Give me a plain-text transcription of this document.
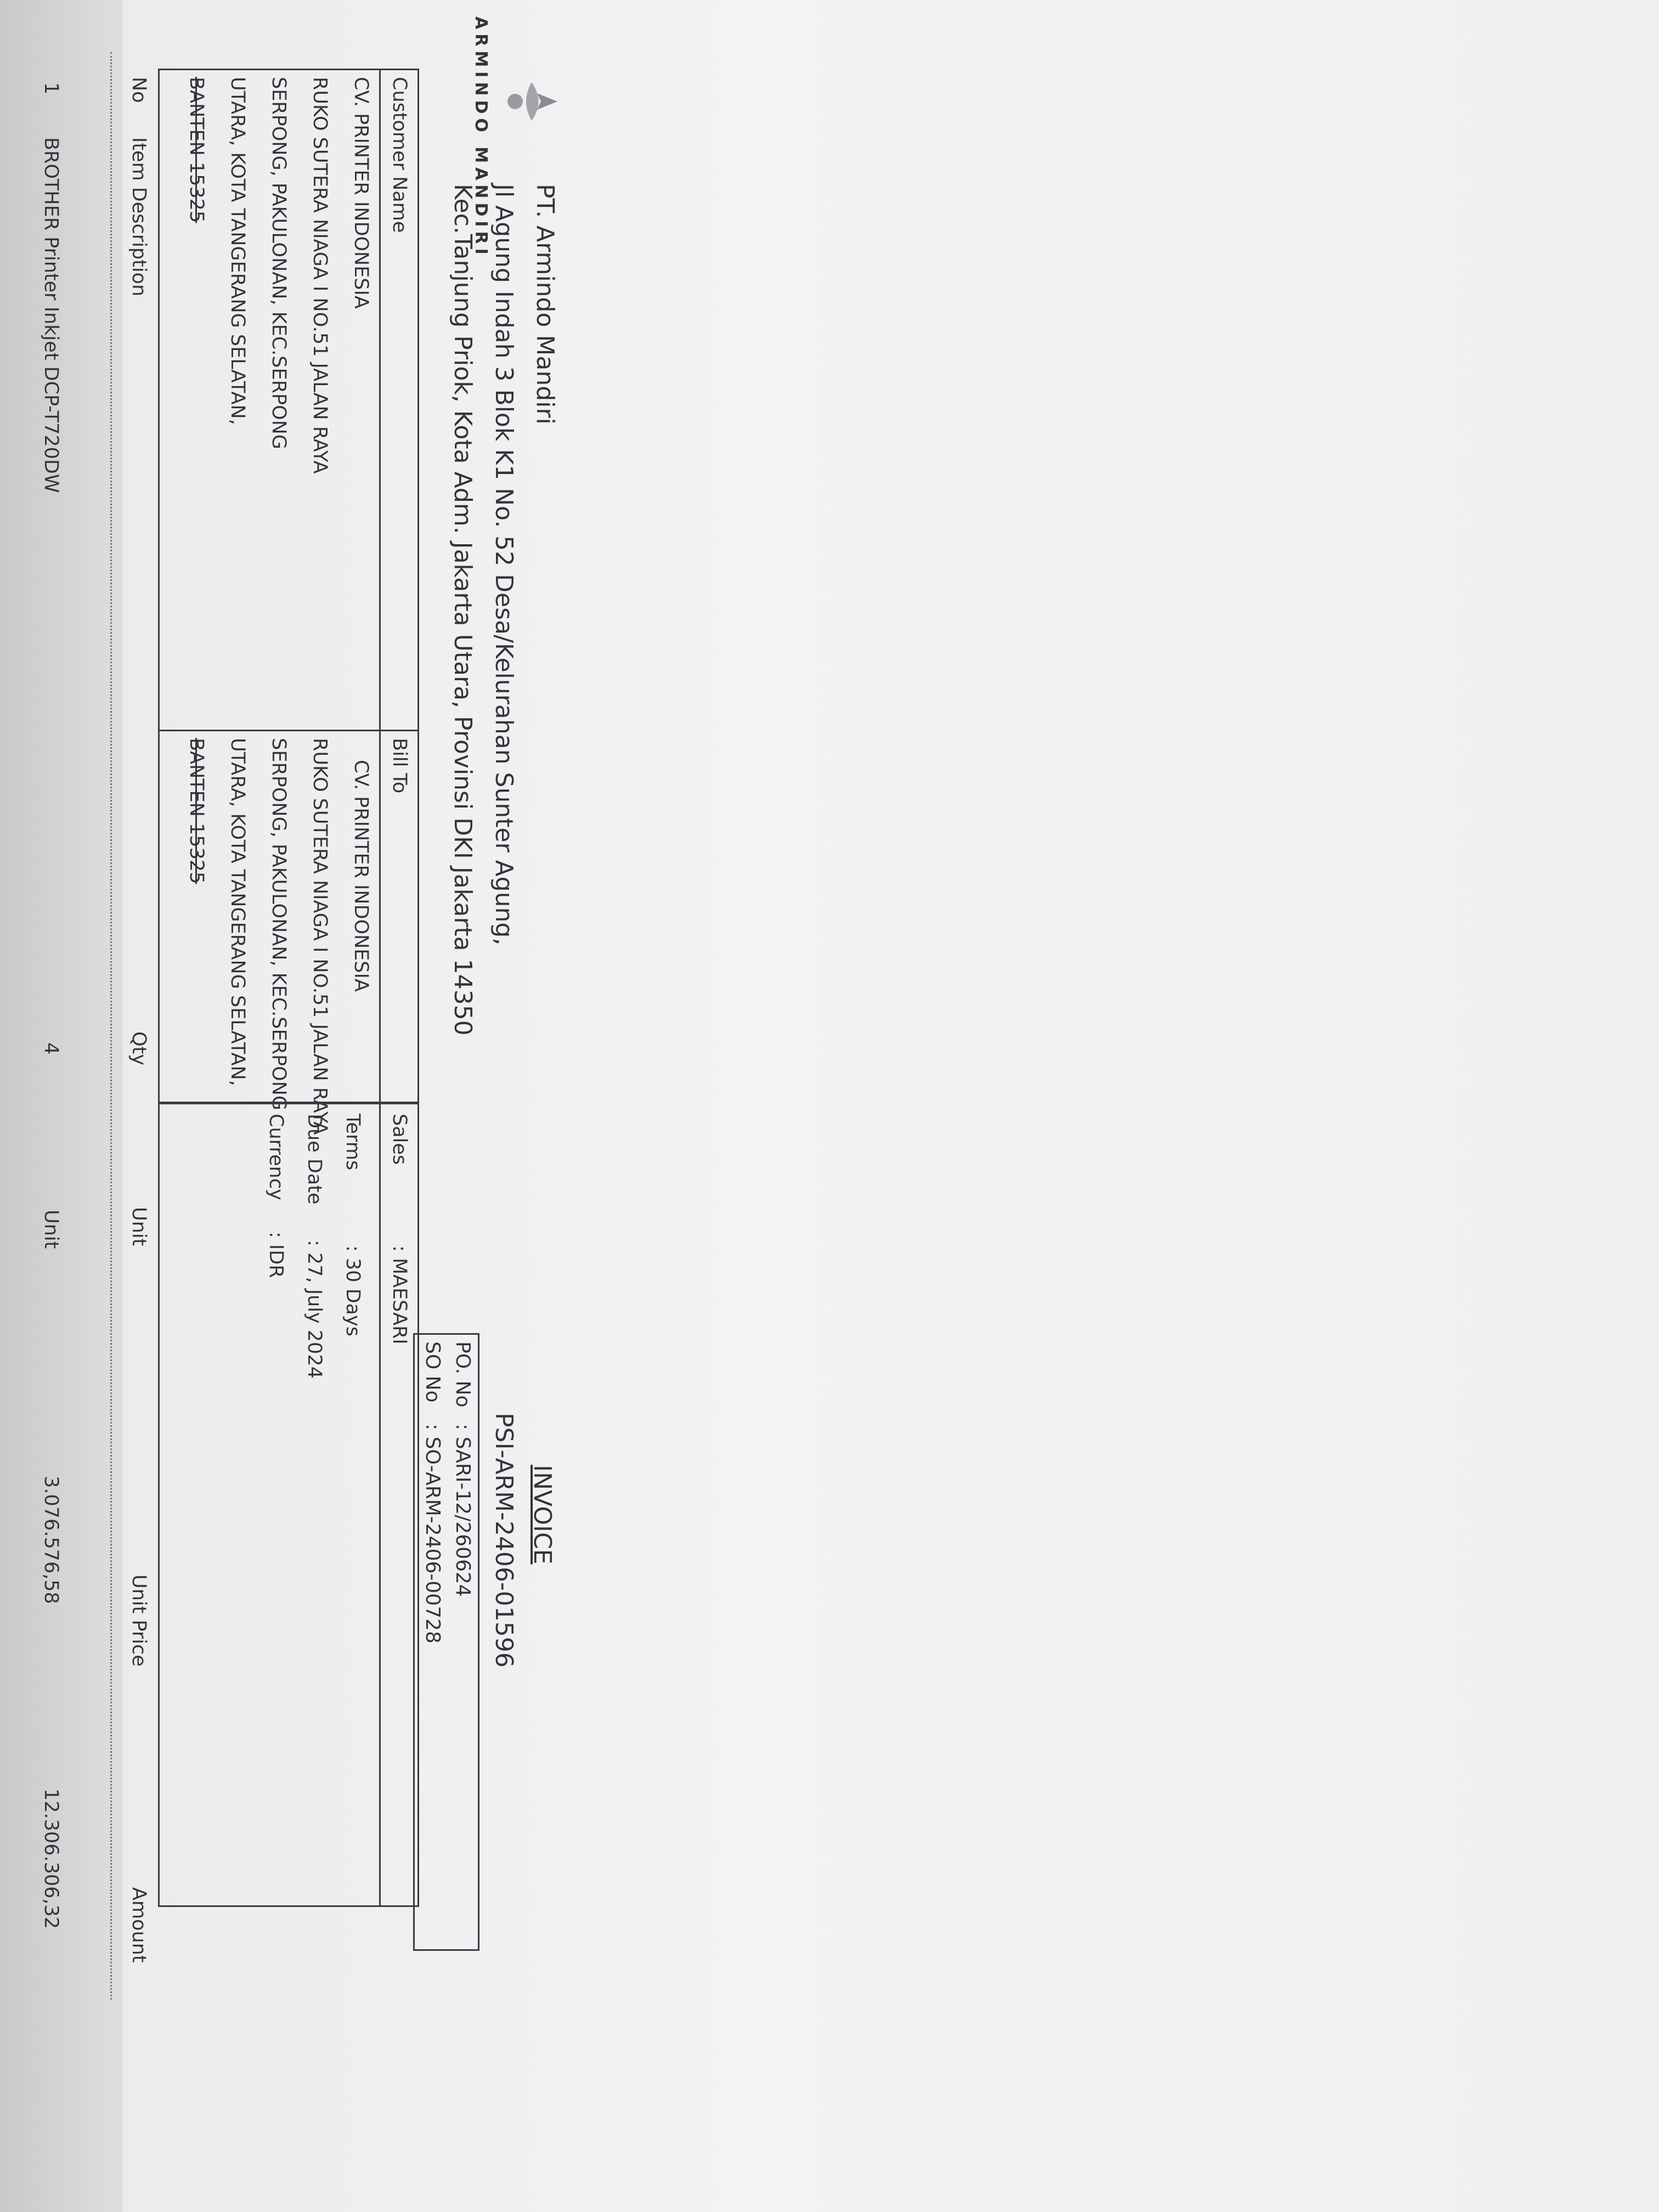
ARMINDO MANDIRI
PT. Armindo Mandiri
Jl Agung Indah 3 Blok K1 No. 52 Desa/Kelurahan Sunter Agung,
Kec.Tanjung Priok, Kota Adm. Jakarta Utara, Provinsi DKI Jakarta 14350
INVOICE
PSI-ARM-2406-01596
PO. No
: SARI-12/260624
SO No
: SO-ARM-2406-00728
Customer Name
CV. PRINTER INDONESIA
RUKO SUTERA NIAGA I NO.51 JALAN RAYA
SERPONG, PAKULONAN, KEC.SERPONG
UTARA, KOTA TANGERANG SELATAN,
BANTEN 15325
Bill To
CV. PRINTER INDONESIA
RUKO SUTERA NIAGA I NO.51 JALAN RAYA
SERPONG, PAKULONAN, KEC.SERPONG
UTARA, KOTA TANGERANG SELATAN,
BANTEN 15325
Sales
: MAESARI
Terms
: 30 Days
Due Date
: 27, July 2024
Currency
: IDR
No
Item Description
Qty
Unit
Unit Price
Amount
1
BROTHER Printer Inkjet DCP-T720DW
4
Unit
3.076.576,58
12.306.306,32
